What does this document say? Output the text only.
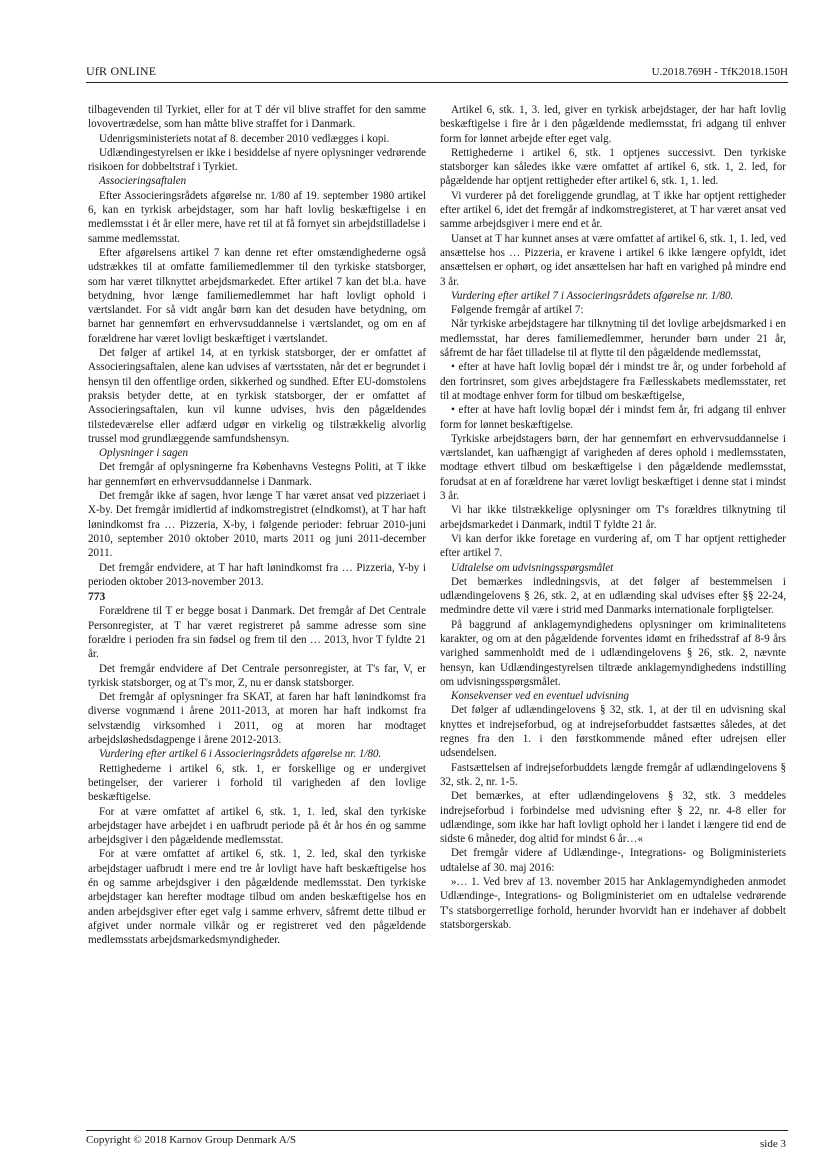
UfR ONLINE	U.2018.769H - TfK2018.150H

tilbagevenden til Tyrkiet, eller for at T dér vil blive straffet for den samme lovovertrædelse, som han måtte blive straffet for i Danmark.

Udenrigsministeriets notat af 8. december 2010 vedlægges i kopi.

Udlændingestyrelsen er ikke i besiddelse af nyere oplysninger vedrørende risikoen for dobbeltstraf i Tyrkiet.

Associeringsaftalen

Efter Associeringsrådets afgørelse nr. 1/80 af 19. september 1980 artikel 6, kan en tyrkisk arbejdstager, som har haft lovlig beskæftigelse i en medlemsstat i ét år eller mere, have ret til at få fornyet sin arbejdstilladelse i samme medlemsstat.

Efter afgørelsens artikel 7 kan denne ret efter omstændighederne også udstrækkes til at omfatte familiemedlemmer til den tyrkiske statsborger, som har været tilknyttet arbejdsmarkedet. Efter artikel 7 kan det bl.a. have betydning, hvor længe familiemedlemmet har haft lovligt ophold i værtslandet. For så vidt angår børn kan det desuden have betydning, om barnet har gennemført en erhvervsuddannelse i værtslandet, og om en af forældrene har været lovligt beskæftiget i værtslandet.

Det følger af artikel 14, at en tyrkisk statsborger, der er omfattet af Associeringsaftalen, alene kan udvises af værtsstaten, når det er begrundet i hensyn til den offentlige orden, sikkerhed og sundhed. Efter EU-domstolens praksis betyder dette, at en tyrkisk statsborger, der er omfattet af Associeringsaftalen, kun vil kunne udvises, hvis den pågældendes tilstedeværelse eller adfærd udgør en virkelig og tilstrækkelig alvorlig trussel mod grundlæggende samfundshensyn.

Oplysninger i sagen

Det fremgår af oplysningerne fra Københavns Vestegns Politi, at T ikke har gennemført en erhvervsuddannelse i Danmark.

Det fremgår ikke af sagen, hvor længe T har været ansat ved pizzeriaet i X-by. Det fremgår imidlertid af indkomstregistret (eIndkomst), at T har haft lønindkomst fra … Pizzeria, X-by, i følgende perioder: februar 2010-juni 2010, september 2010 oktober 2010, marts 2011 og juni 2011-december 2011.

Det fremgår endvidere, at T har haft lønindkomst fra … Pizzeria, Y-by i perioden oktober 2013-november 2013.

773

Forældrene til T er begge bosat i Danmark. Det fremgår af Det Centrale Personregister, at T har været registreret på samme adresse som sine forældre i perioden fra sin fødsel og frem til den … 2013, hvor T fyldte 21 år.

Det fremgår endvidere af Det Centrale personregister, at T's far, V, er tyrkisk statsborger, og at T's mor, Z, nu er dansk statsborger.

Det fremgår af oplysninger fra SKAT, at faren har haft lønindkomst fra diverse vognmænd i årene 2011-2013, at moren har haft indkomst fra selvstændig virksomhed i 2011, og at moren har modtaget arbejdsløshedsdagpenge i årene 2012-2013.

Vurdering efter artikel 6 i Associeringsrådets afgørelse nr. 1/80.

Rettighederne i artikel 6, stk. 1, er forskellige og er undergivet betingelser, der varierer i forhold til varigheden af den lovlige beskæftigelse.

For at være omfattet af artikel 6, stk. 1, 1. led, skal den tyrkiske arbejdstager have arbejdet i en uafbrudt periode på ét år hos én og samme arbejdsgiver i den pågældende medlemsstat.

For at være omfattet af artikel 6, stk. 1, 2. led, skal den tyrkiske arbejdstager uafbrudt i mere end tre år lovligt have haft beskæftigelse hos én og samme arbejdsgiver i den pågældende medlemsstat. Den tyrkiske arbejdstager kan herefter modtage tilbud om anden beskæftigelse hos en anden arbejdsgiver efter eget valg i samme erhverv, såfremt dette tilbud er afgivet under normale vilkår og er registreret ved den pågældende medlemsstats arbejdsmarkedsmyndigheder.

Artikel 6, stk. 1, 3. led, giver en tyrkisk arbejdstager, der har haft lovlig beskæftigelse i fire år i den pågældende medlemsstat, fri adgang til enhver form for lønnet arbejde efter eget valg.

Rettighederne i artikel 6, stk. 1 optjenes successivt. Den tyrkiske statsborger kan således ikke være omfattet af artikel 6, stk. 1, 2. led, for pågældende har optjent rettigheder efter artikel 6, stk. 1, 1. led.

Vi vurderer på det foreliggende grundlag, at T ikke har optjent rettigheder efter artikel 6, idet det fremgår af indkomstregisteret, at T har været ansat ved samme arbejdsgiver i mere end et år.

Uanset at T har kunnet anses at være omfattet af artikel 6, stk. 1, 1. led, ved ansættelse hos … Pizzeria, er kravene i artikel 6 ikke længere opfyldt, idet ansættelsen er ophørt, og idet ansættelsen har haft en varighed på mindre end 3 år.

Vurdering efter artikel 7 i Associeringsrådets afgørelse nr. 1/80.

Følgende fremgår af artikel 7:

Når tyrkiske arbejdstagere har tilknytning til det lovlige arbejdsmarked i en medlemsstat, har deres familiemedlemmer, herunder børn under 21 år, såfremt de har fået tilladelse til at flytte til den pågældende medlemsstat,

• efter at have haft lovlig bopæl dér i mindst tre år, og under forbehold af den fortrinsret, som gives arbejdstagere fra Fællesskabets medlemsstater, ret til at modtage enhver form for tilbud om beskæftigelse,

• efter at have haft lovlig bopæl dér i mindst fem år, fri adgang til enhver form for lønnet beskæftigelse.

Tyrkiske arbejdstagers børn, der har gennemført en erhvervsuddannelse i værtslandet, kan uafhængigt af varigheden af deres ophold i medlemsstaten, modtage ethvert tilbud om beskæftigelse i den pågældende medlemsstat, forudsat at en af forældrene har været lovligt beskæftiget i denne stat i mindst 3 år.

Vi har ikke tilstrækkelige oplysninger om T's forældres tilknytning til arbejdsmarkedet i Danmark, indtil T fyldte 21 år.

Vi kan derfor ikke foretage en vurdering af, om T har optjent rettigheder efter artikel 7.

Udtalelse om udvisningsspørgsmålet

Det bemærkes indledningsvis, at det følger af bestemmelsen i udlændingelovens § 26, stk. 2, at en udlænding skal udvises efter §§ 22-24, medmindre dette vil være i strid med Danmarks internationale forpligtelser.

På baggrund af anklagemyndighedens oplysninger om kriminalitetens karakter, og om at den pågældende forventes idømt en frihedsstraf af 8-9 års varighed sammenholdt med de i udlændingelovens § 26, stk. 2, nævnte hensyn, kan Udlændingestyrelsen tiltræde anklagemyndighedens indstilling om udvisningsspørgsmålet.

Konsekvenser ved en eventuel udvisning

Det følger af udlændingelovens § 32, stk. 1, at der til en udvisning skal knyttes et indrejseforbud, og at indrejseforbuddet fastsættes således, at det regnes fra den 1. i den førstkommende måned efter udrejsen eller udsendelsen.

Fastsættelsen af indrejseforbuddets længde fremgår af udlændingelovens § 32, stk. 2, nr. 1-5.

Det bemærkes, at efter udlændingelovens § 32, stk. 3 meddeles indrejseforbud i forbindelse med udvisning efter § 22, nr. 4-8 eller for udlændinge, som ikke har haft lovligt ophold her i landet i længere tid end de sidste 6 måneder, dog altid for mindst 6 år…«

Det fremgår videre af Udlændinge-, Integrations- og Boligministeriets udtalelse af 30. maj 2016:

»… 1. Ved brev af 13. november 2015 har Anklagemyndigheden anmodet Udlændinge-, Integrations- og Boligministeriet om en udtalelse vedrørende T's statsborgerretlige forhold, herunder hvorvidt han er indehaver af dobbelt statsborgerskab.

Copyright © 2018 Karnov Group Denmark A/S	side 3
